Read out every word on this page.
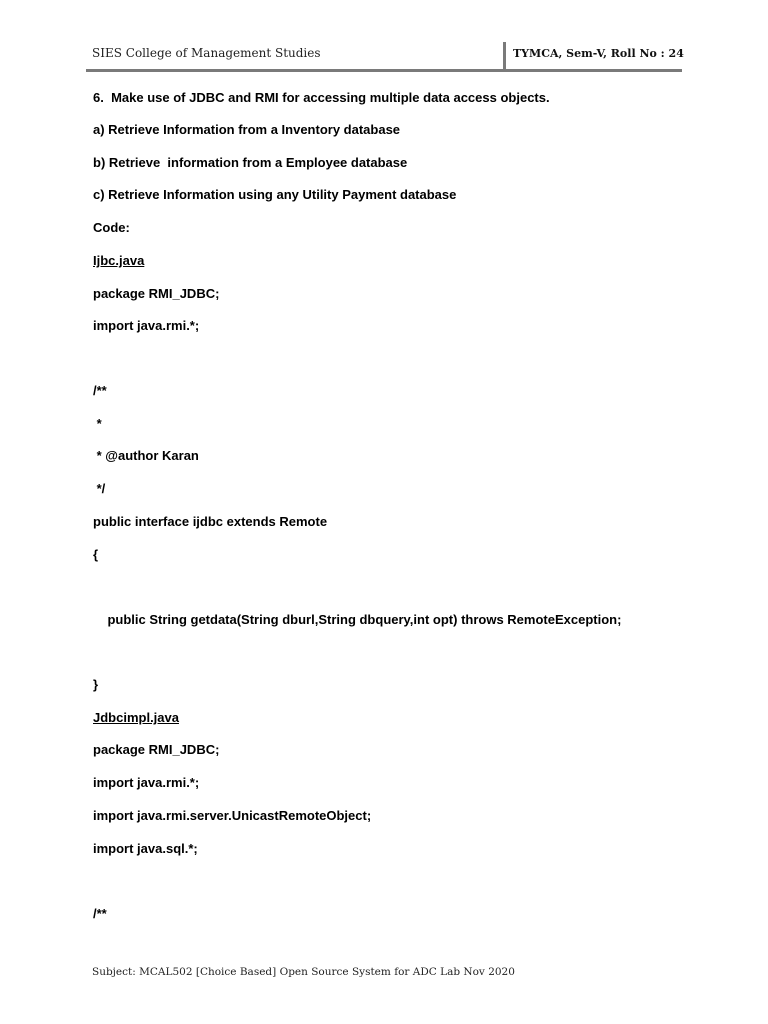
SIES College of Management Studies	TYMCA, Sem-V, Roll No : 24
6.  Make use of JDBC and RMI for accessing multiple data access objects.
a) Retrieve Information from a Inventory database
b) Retrieve  information from a Employee database
c) Retrieve Information using any Utility Payment database
Code:
Ijbc.java
package RMI_JDBC;
import java.rmi.*;
/**
*
* @author Karan
*/
public interface ijdbc extends Remote
{
public String getdata(String dburl,String dbquery,int opt) throws RemoteException;
}
Jdbcimpl.java
package RMI_JDBC;
import java.rmi.*;
import java.rmi.server.UnicastRemoteObject;
import java.sql.*;
/**
Subject: MCAL502 [Choice Based] Open Source System for ADC Lab Nov 2020
